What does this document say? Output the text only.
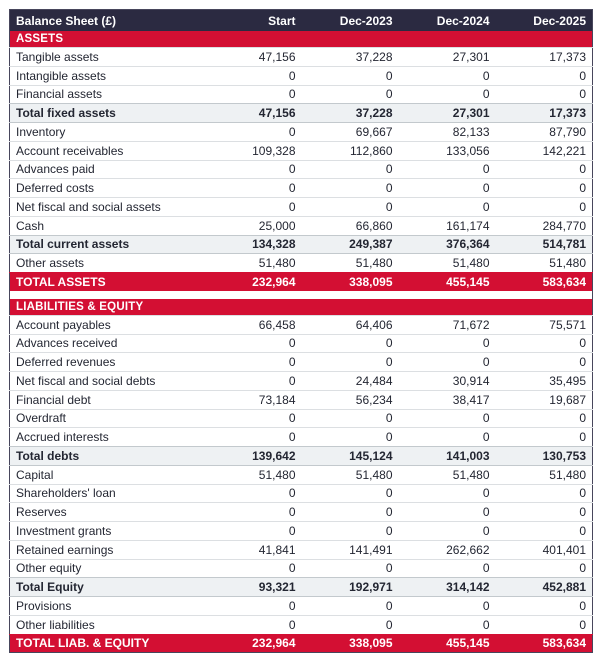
Balance Sheet (£)	Start	Dec-2023	Dec-2024	Dec-2025
ASSETS				
Tangible assets	47,156	37,228	27,301	17,373
Intangible assets	0	0	0	0
Financial assets	0	0	0	0
Total fixed assets	47,156	37,228	27,301	17,373
Inventory	0	69,667	82,133	87,790
Account receivables	109,328	112,860	133,056	142,221
Advances paid	0	0	0	0
Deferred costs	0	0	0	0
Net fiscal and social assets	0	0	0	0
Cash	25,000	66,860	161,174	284,770
Total current assets	134,328	249,387	376,364	514,781
Other assets	51,480	51,480	51,480	51,480
TOTAL ASSETS	232,964	338,095	455,145	583,634

LIABILITIES & EQUITY				
Account payables	66,458	64,406	71,672	75,571
Advances received	0	0	0	0
Deferred revenues	0	0	0	0
Net fiscal and social debts	0	24,484	30,914	35,495
Financial debt	73,184	56,234	38,417	19,687
Overdraft	0	0	0	0
Accrued interests	0	0	0	0
Total debts	139,642	145,124	141,003	130,753
Capital	51,480	51,480	51,480	51,480
Shareholders' loan	0	0	0	0
Reserves	0	0	0	0
Investment grants	0	0	0	0
Retained earnings	41,841	141,491	262,662	401,401
Other equity	0	0	0	0
Total Equity	93,321	192,971	314,142	452,881
Provisions	0	0	0	0
Other liabilities	0	0	0	0
TOTAL LIAB. & EQUITY	232,964	338,095	455,145	583,634
